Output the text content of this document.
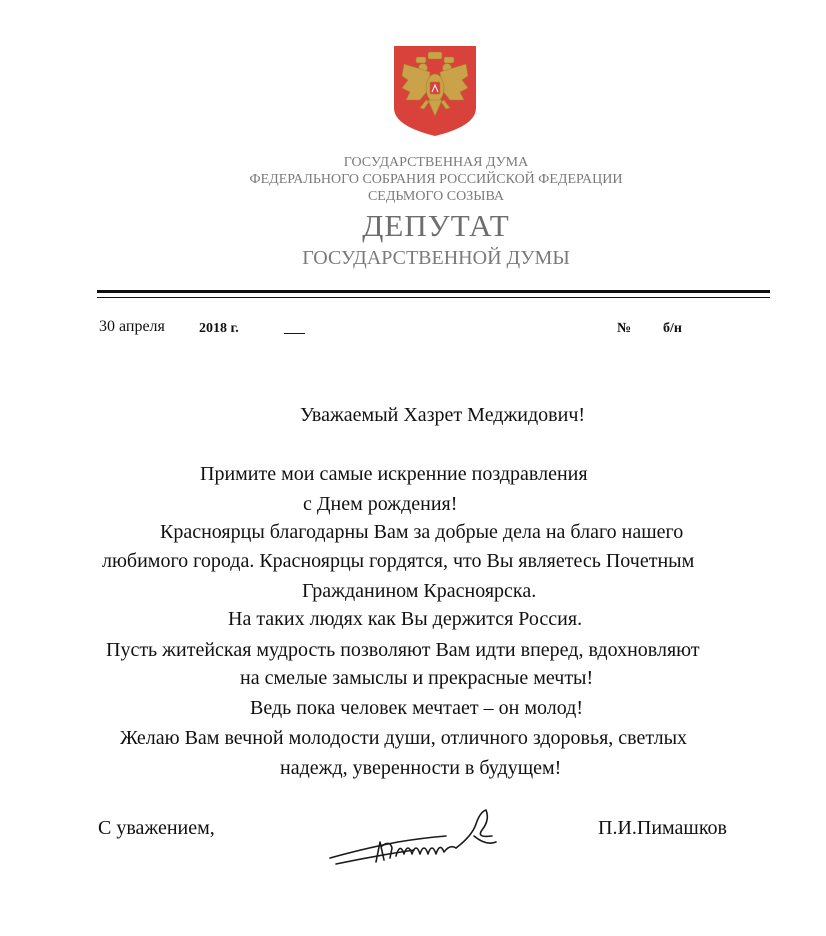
ГОСУДАРСТВЕННАЯ ДУМА
ФЕДЕРАЛЬНОГО СОБРАНИЯ РОССИЙСКОЙ ФЕДЕРАЦИИ
СЕДЬМОГО СОЗЫВА
ДЕПУТАТ
ГОСУДАРСТВЕННОЙ ДУМЫ
30 апреля 2018 г.	___	№ б/н
Уважаемый Хазрет Меджидович!
Примите мои самые искренние поздравления
с Днем рождения!
Красноярцы благодарны Вам за добрые дела на благо нашего
любимого города. Красноярцы гордятся, что Вы являетесь Почетным
Гражданином Красноярска.
На таких людях как Вы держится Россия.
Пусть житейская мудрость позволяют Вам идти вперед, вдохновляют
на смелые замыслы и прекрасные мечты!
Ведь пока человек мечтает – он молод!
Желаю Вам вечной молодости души, отличного здоровья, светлых
надежд, уверенности в будущем!
С уважением,	П.И.Пимашков
